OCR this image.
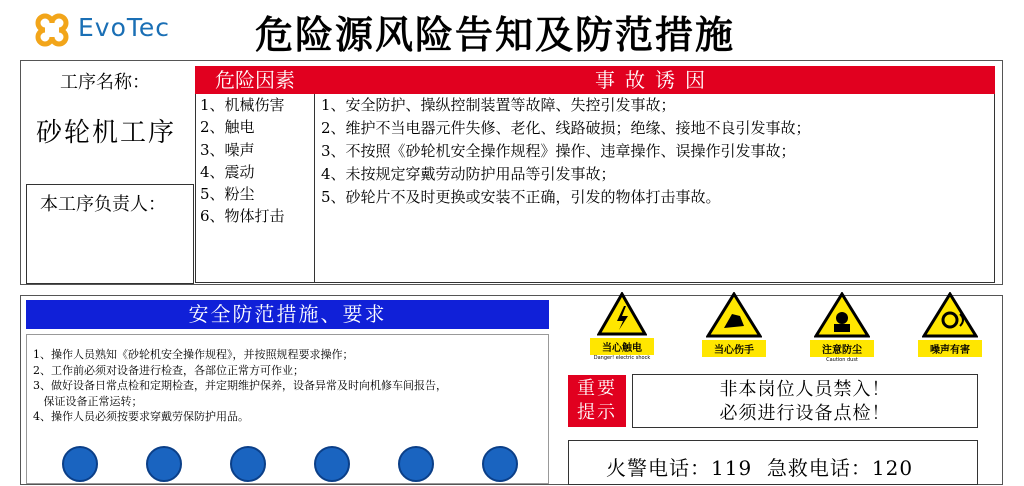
EvoTec 危险源风险告知及防范措施
工序名称：
砂轮机工序
本工序负责人：
危险因素	事故诱因
1、机械伤害
2、触电
3、噪声
4、震动
5、粉尘
6、物体打击
1、安全防护、操纵控制装置等故障、失控引发事故；
2、维护不当电器元件失修、老化、线路破损；绝缘、接地不良引发事故；
3、不按照《砂轮机安全操作规程》操作、违章操作、误操作引发事故；
4、未按规定穿戴劳动防护用品等引发事故；
5、砂轮片不及时更换或安装不正确，引发的物体打击事故。
安全防范措施、要求
1、操作人员熟知《砂轮机安全操作规程》，并按照规程要求操作；
2、工作前必须对设备进行检查，各部位正常方可作业；
3、做好设备日常点检和定期检查，并定期维护保养，设备异常及时向机修车间报告，
保证设备正常运转；
4、操作人员必须按要求穿戴劳保防护用品。
当心触电
Danger! electric shock
当心伤手	注意防尘
Caution dust
噪声有害
重要
提示
非本岗位人员禁入！
必须进行设备点检！
火警电话：119  急救电话：120
